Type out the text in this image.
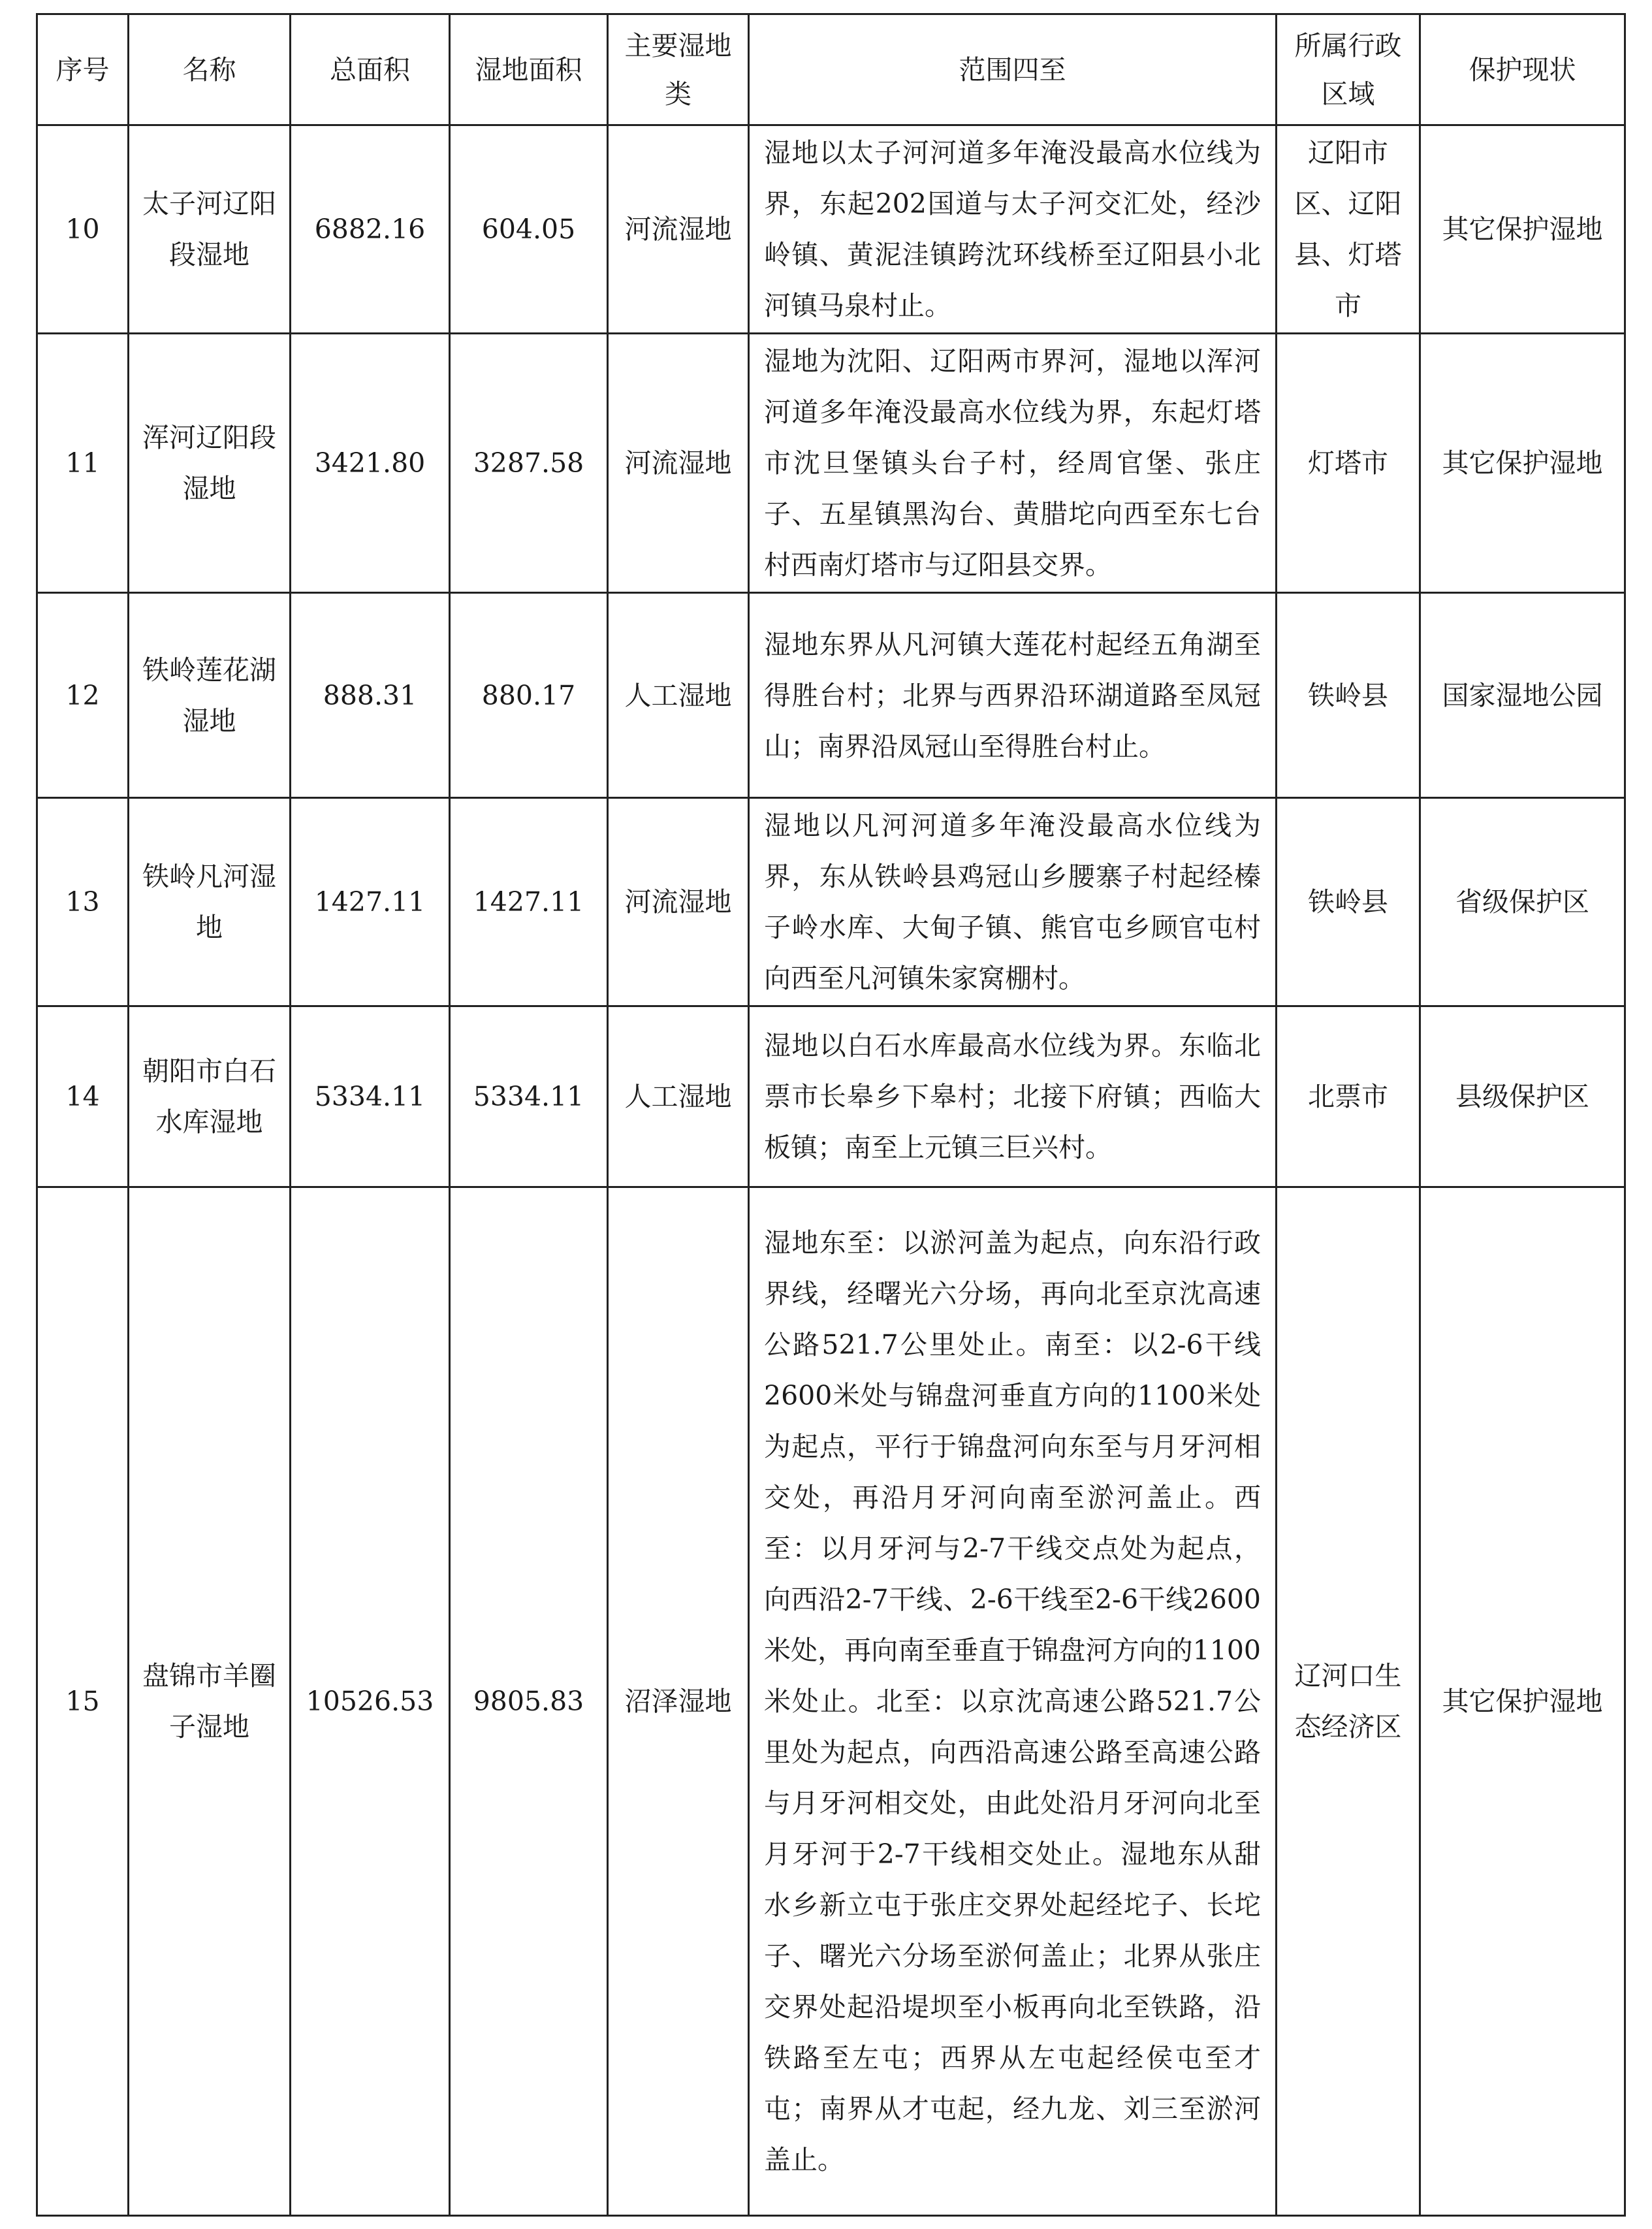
序号	名称	总面积	湿地面积	主要湿地类	范围四至	所属行政区域	保护现状
10	太子河辽阳段湿地	6882.16	604.05	河流湿地	湿地以太子河河道多年淹没最高水位线为界，东起202国道与太子河交汇处，经沙岭镇、黄泥洼镇跨沈环线桥至辽阳县小北河镇马泉村止。	辽阳市区、辽阳县、灯塔市	其它保护湿地
11	浑河辽阳段湿地	3421.80	3287.58	河流湿地	湿地为沈阳、辽阳两市界河，湿地以浑河河道多年淹没最高水位线为界，东起灯塔市沈旦堡镇头台子村，经周官堡、张庄子、五星镇黑沟台、黄腊坨向西至东七台村西南灯塔市与辽阳县交界。	灯塔市	其它保护湿地
12	铁岭莲花湖湿地	888.31	880.17	人工湿地	湿地东界从凡河镇大莲花村起经五角湖至得胜台村；北界与西界沿环湖道路至凤冠山；南界沿凤冠山至得胜台村止。	铁岭县	国家湿地公园
13	铁岭凡河湿地	1427.11	1427.11	河流湿地	湿地以凡河河道多年淹没最高水位线为界，东从铁岭县鸡冠山乡腰寨子村起经榛子岭水库、大甸子镇、熊官屯乡顾官屯村向西至凡河镇朱家窝棚村。	铁岭县	省级保护区
14	朝阳市白石水库湿地	5334.11	5334.11	人工湿地	湿地以白石水库最高水位线为界。东临北票市长皋乡下皋村；北接下府镇；西临大板镇；南至上元镇三巨兴村。	北票市	县级保护区
15	盘锦市羊圈子湿地	10526.53	9805.83	沼泽湿地	湿地东至：以淤河盖为起点，向东沿行政界线，经曙光六分场，再向北至京沈高速公路521.7公里处止。南至：以2-6干线2600米处与锦盘河垂直方向的1100米处为起点，平行于锦盘河向东至与月牙河相交处，再沿月牙河向南至淤河盖止。西至：以月牙河与2-7干线交点处为起点，向西沿2-7干线、2-6干线至2-6干线2600米处，再向南至垂直于锦盘河方向的1100米处止。北至：以京沈高速公路521.7公里处为起点，向西沿高速公路至高速公路与月牙河相交处，由此处沿月牙河向北至月牙河于2-7干线相交处止。湿地东从甜水乡新立屯于张庄交界处起经坨子、长坨子、曙光六分场至淤何盖止；北界从张庄交界处起沿堤坝至小板再向北至铁路，沿铁路至左屯；西界从左屯起经侯屯至才屯；南界从才屯起，经九龙、刘三至淤河盖止。	辽河口生态经济区	其它保护湿地
